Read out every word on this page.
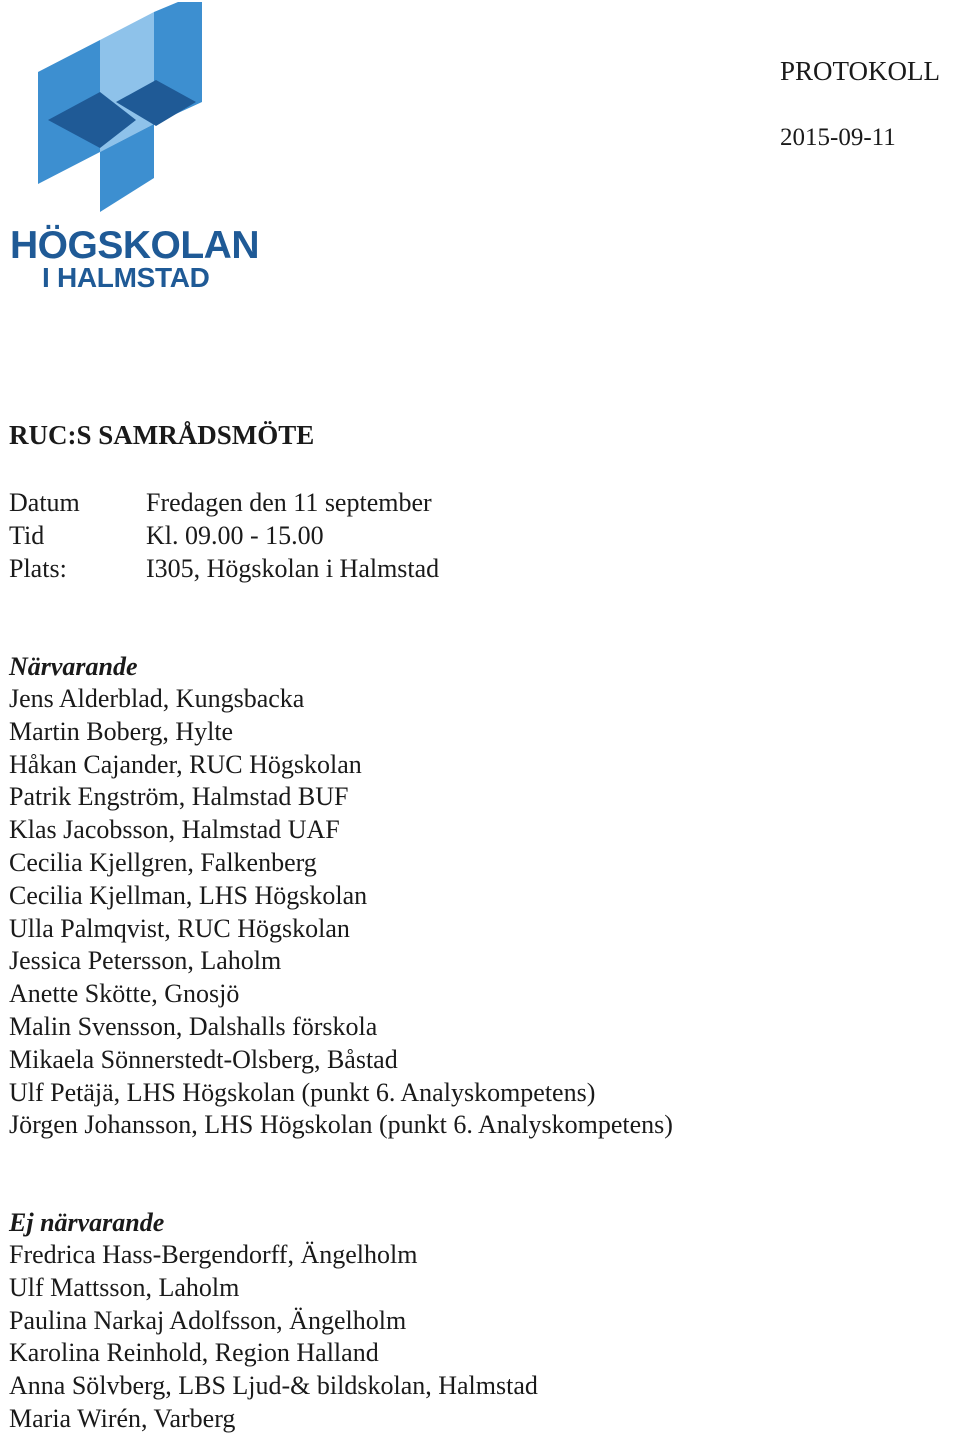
HÖGSKOLAN
I HALMSTAD
PROTOKOLL
2015-09-11
RUC:S SAMRÅDSMÖTE
Datum	Fredagen den 11 september
Tid	Kl. 09.00 - 15.00
Plats:	I305, Högskolan i Halmstad
Närvarande
Jens Alderblad, Kungsbacka
Martin Boberg, Hylte
Håkan Cajander, RUC Högskolan
Patrik Engström, Halmstad BUF
Klas Jacobsson, Halmstad UAF
Cecilia Kjellgren, Falkenberg
Cecilia Kjellman, LHS Högskolan
Ulla Palmqvist, RUC Högskolan
Jessica Petersson, Laholm
Anette Skötte, Gnosjö
Malin Svensson, Dalshalls förskola
Mikaela Sönnerstedt-Olsberg, Båstad
Ulf Petäjä, LHS Högskolan (punkt 6. Analyskompetens)
Jörgen Johansson, LHS Högskolan (punkt 6. Analyskompetens)
Ej närvarande
Fredrica Hass-Bergendorff, Ängelholm
Ulf Mattsson, Laholm
Paulina Narkaj Adolfsson, Ängelholm
Karolina Reinhold, Region Halland
Anna Sölvberg, LBS Ljud-& bildskolan, Halmstad
Maria Wirén, Varberg
